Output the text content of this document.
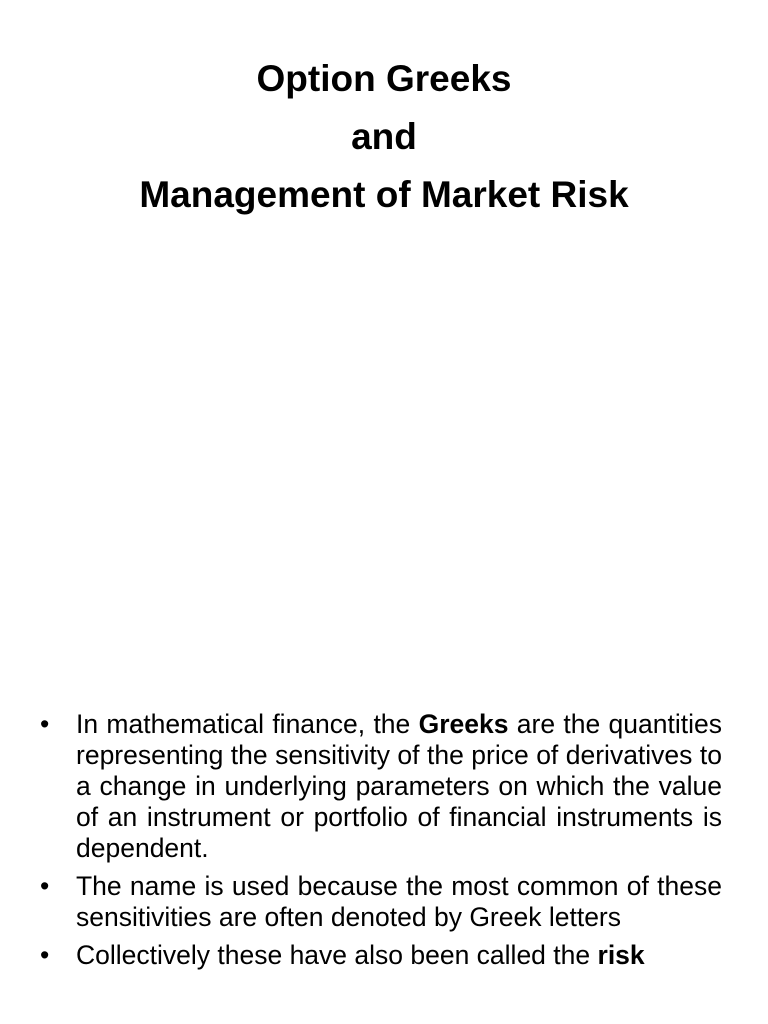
Option Greeks
and
Management of Market Risk
•	In mathematical finance, the Greeks are the quantities representing the sensitivity of the price of derivatives to a change in underlying parameters on which the value of an instrument or portfolio of financial instruments is dependent.
•	The name is used because the most common of these sensitivities are often denoted by Greek letters
•	Collectively these have also been called the risk
